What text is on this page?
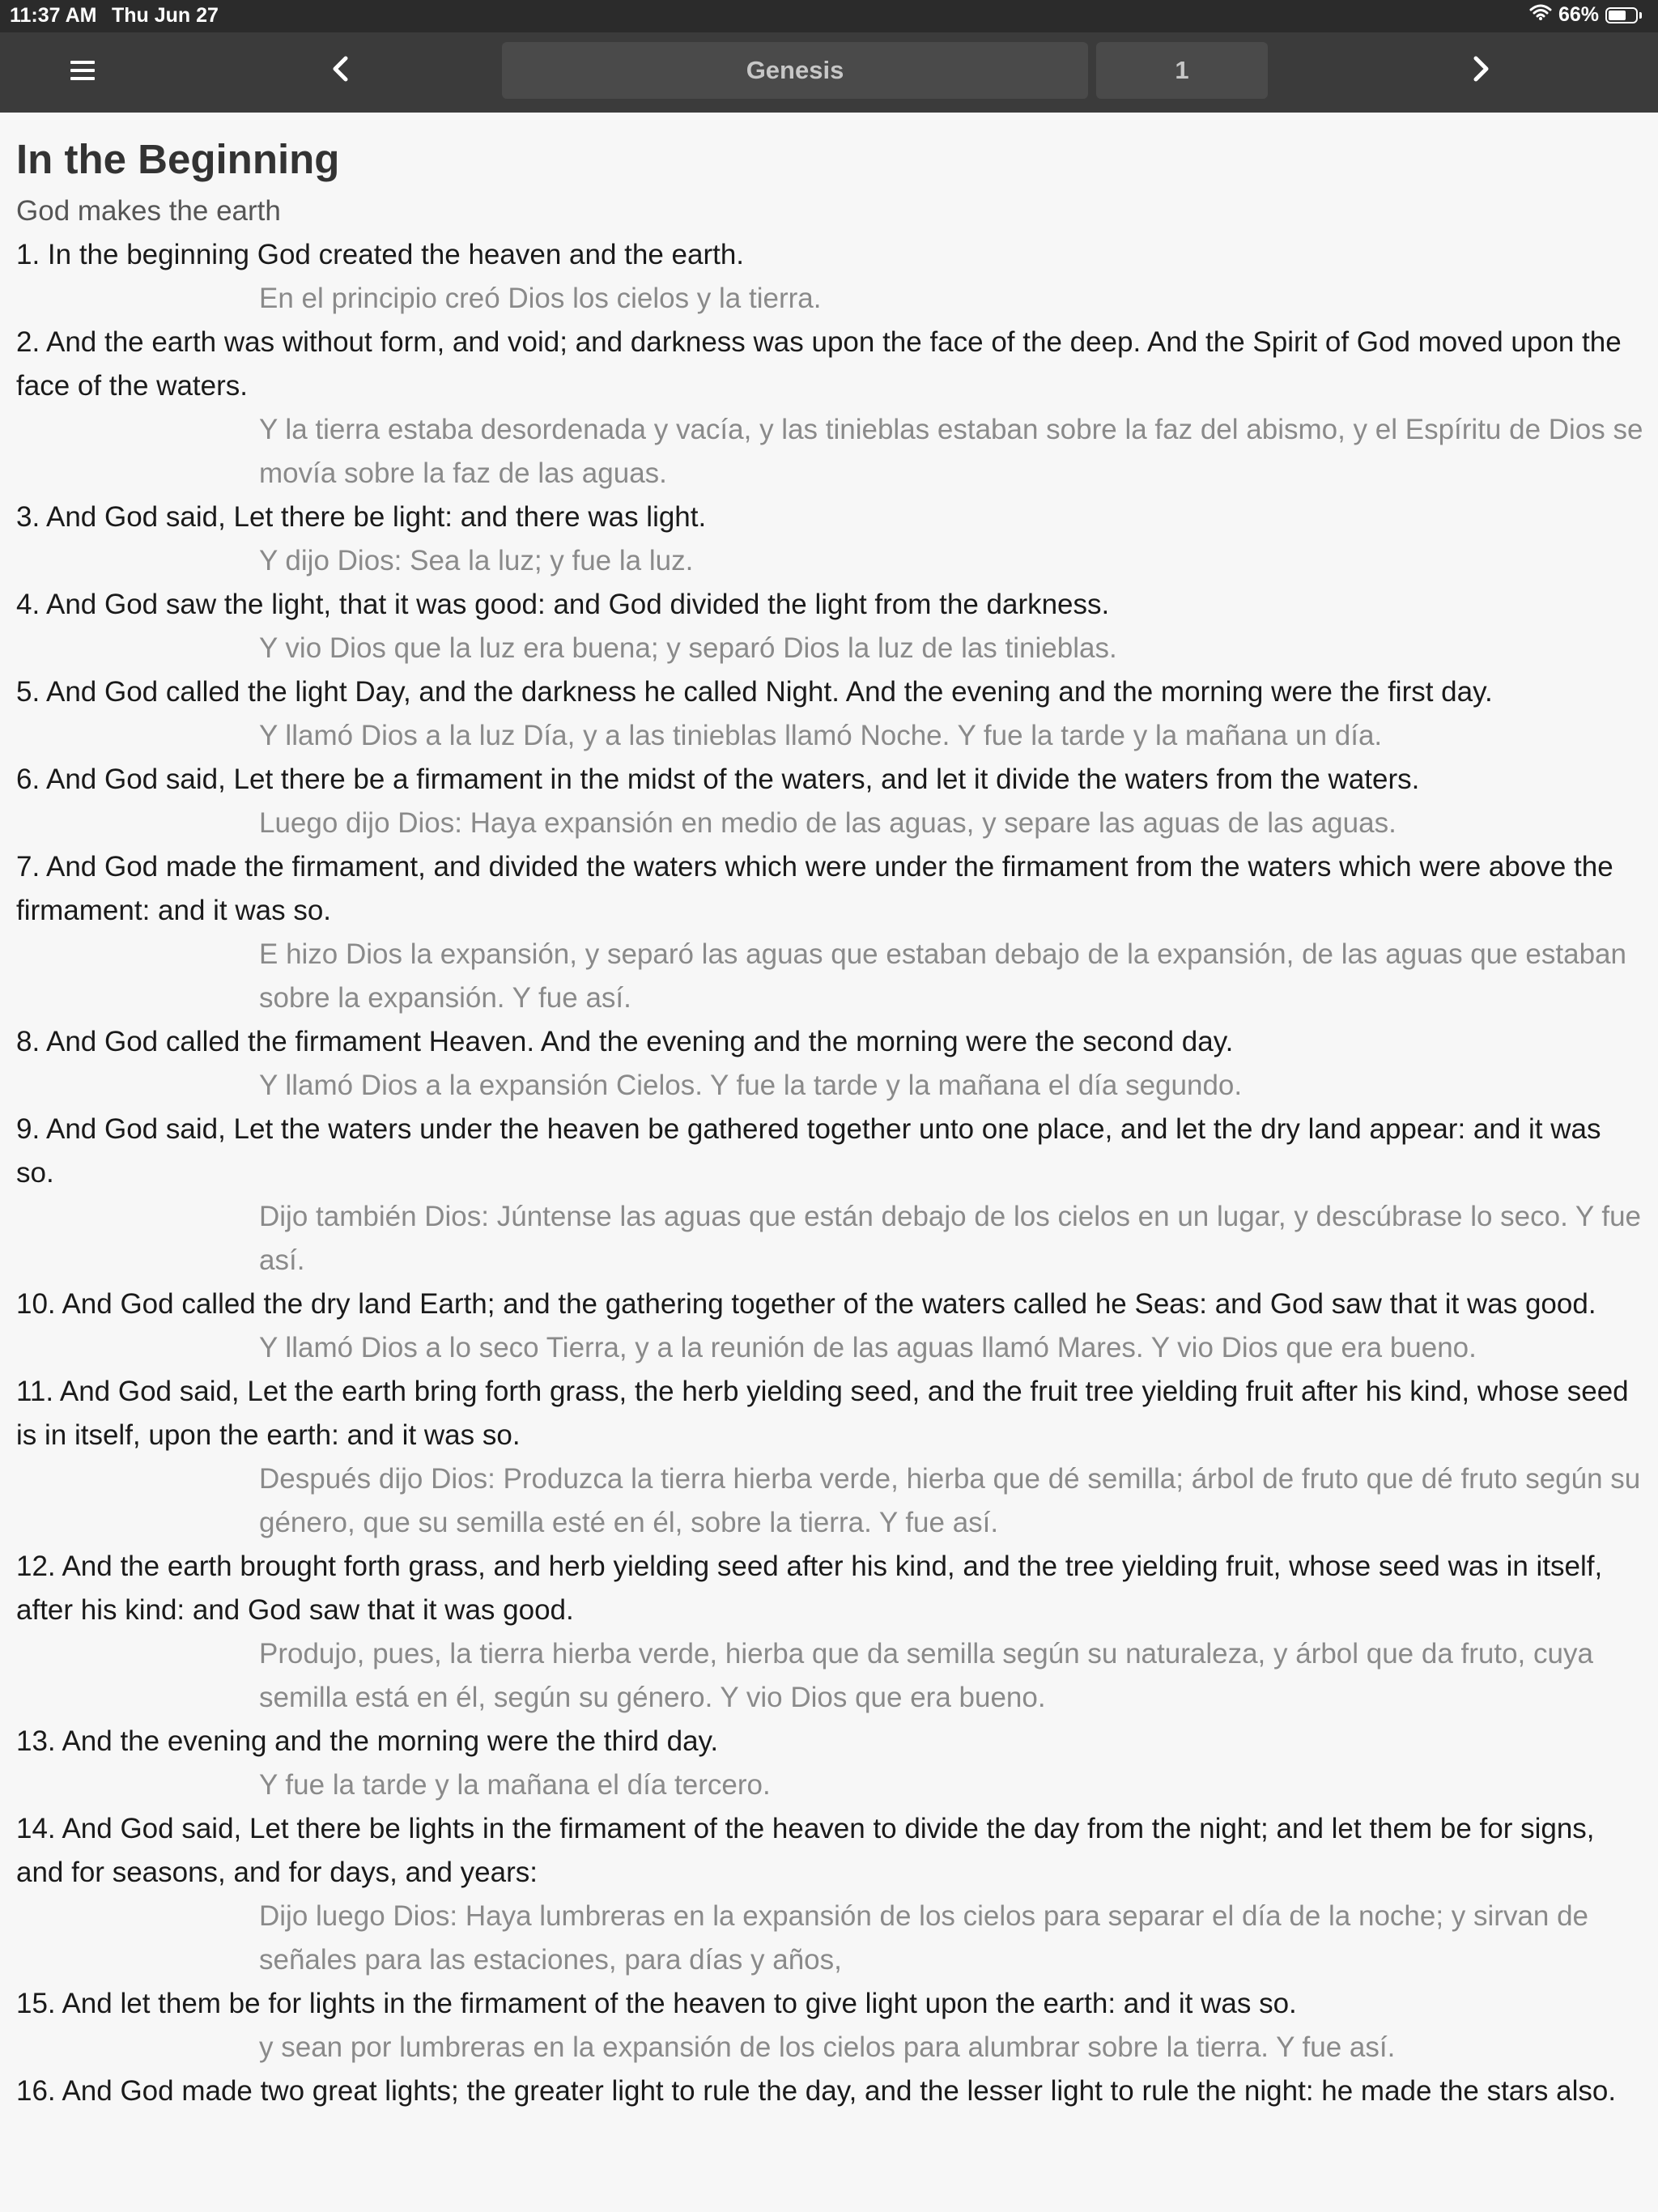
11:37 AM Thu Jun 27	66%
Genesis	1
In the Beginning

God makes the earth

1. In the beginning God created the heaven and the earth.

En el principio creó Dios los cielos y la tierra.

2. And the earth was without form, and void; and darkness was upon the face of the deep. And the Spirit of God moved upon the face of the waters.

Y la tierra estaba desordenada y vacía, y las tinieblas estaban sobre la faz del abismo, y el Espíritu de Dios se movía sobre la faz de las aguas.

3. And God said, Let there be light: and there was light.

Y dijo Dios: Sea la luz; y fue la luz.

4. And God saw the light, that it was good: and God divided the light from the darkness.

Y vio Dios que la luz era buena; y separó Dios la luz de las tinieblas.

5. And God called the light Day, and the darkness he called Night. And the evening and the morning were the first day.

Y llamó Dios a la luz Día, y a las tinieblas llamó Noche. Y fue la tarde y la mañana un día.

6. And God said, Let there be a firmament in the midst of the waters, and let it divide the waters from the waters.

Luego dijo Dios: Haya expansión en medio de las aguas, y separe las aguas de las aguas.

7. And God made the firmament, and divided the waters which were under the firmament from the waters which were above the firmament: and it was so.

E hizo Dios la expansión, y separó las aguas que estaban debajo de la expansión, de las aguas que estaban sobre la expansión. Y fue así.

8. And God called the firmament Heaven. And the evening and the morning were the second day.

Y llamó Dios a la expansión Cielos. Y fue la tarde y la mañana el día segundo.

9. And God said, Let the waters under the heaven be gathered together unto one place, and let the dry land appear: and it was so.

Dijo también Dios: Júntense las aguas que están debajo de los cielos en un lugar, y descúbrase lo seco. Y fue así.

10. And God called the dry land Earth; and the gathering together of the waters called he Seas: and God saw that it was good.

Y llamó Dios a lo seco Tierra, y a la reunión de las aguas llamó Mares. Y vio Dios que era bueno.

11. And God said, Let the earth bring forth grass, the herb yielding seed, and the fruit tree yielding fruit after his kind, whose seed is in itself, upon the earth: and it was so.

Después dijo Dios: Produzca la tierra hierba verde, hierba que dé semilla; árbol de fruto que dé fruto según su género, que su semilla esté en él, sobre la tierra. Y fue así.

12. And the earth brought forth grass, and herb yielding seed after his kind, and the tree yielding fruit, whose seed was in itself, after his kind: and God saw that it was good.

Produjo, pues, la tierra hierba verde, hierba que da semilla según su naturaleza, y árbol que da fruto, cuya semilla está en él, según su género. Y vio Dios que era bueno.

13. And the evening and the morning were the third day.

Y fue la tarde y la mañana el día tercero.

14. And God said, Let there be lights in the firmament of the heaven to divide the day from the night; and let them be for signs, and for seasons, and for days, and years:

Dijo luego Dios: Haya lumbreras en la expansión de los cielos para separar el día de la noche; y sirvan de señales para las estaciones, para días y años,

15. And let them be for lights in the firmament of the heaven to give light upon the earth: and it was so.

y sean por lumbreras en la expansión de los cielos para alumbrar sobre la tierra. Y fue así.

16. And God made two great lights; the greater light to rule the day, and the lesser light to rule the night: he made the stars also.
